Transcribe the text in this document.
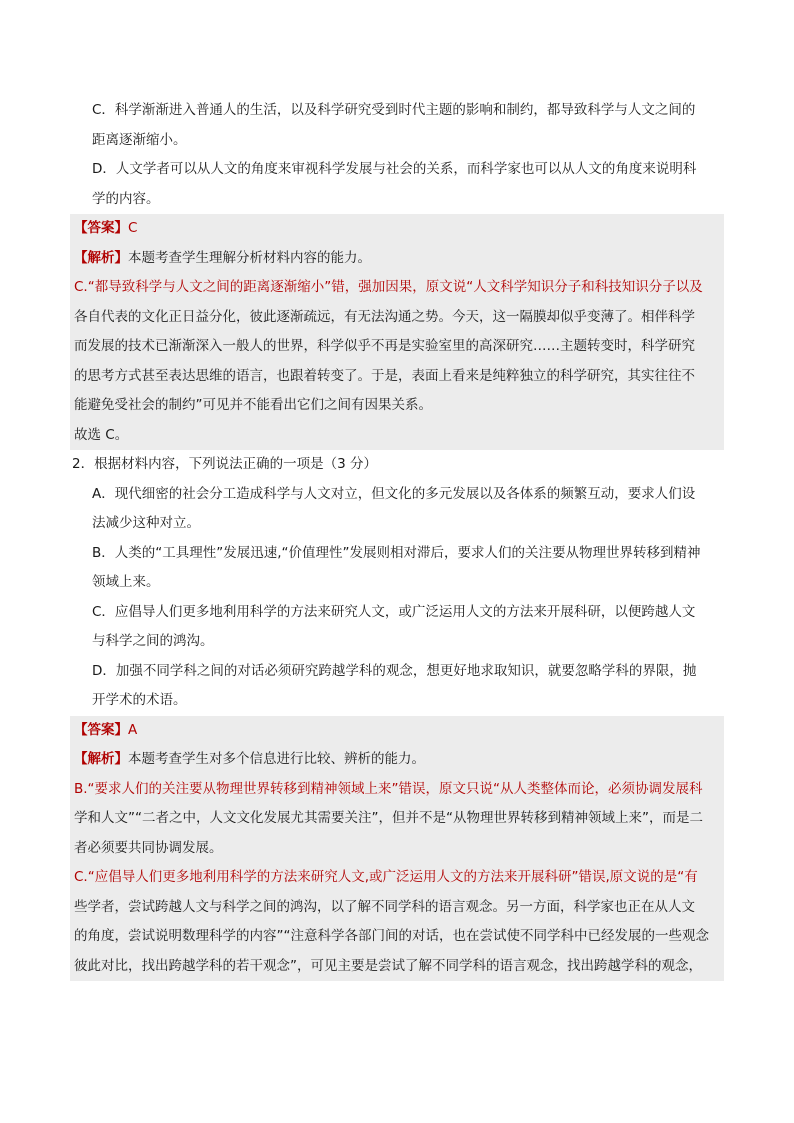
C．科学渐渐进入普通人的生活，以及科学研究受到时代主题的影响和制约，都导致科学与人文之间的
距离逐渐缩小。
D．人文学者可以从人文的角度来审视科学发展与社会的关系，而科学家也可以从人文的角度来说明科
学的内容。
【答案】C
【解析】本题考查学生理解分析材料内容的能力。
C.“都导致科学与人文之间的距离逐渐缩小”错，强加因果，原文说“人文科学知识分子和科技知识分子以及
各自代表的文化正日益分化，彼此逐渐疏远，有无法沟通之势。今天，这一隔膜却似乎变薄了。相伴科学
而发展的技术已渐渐深入一般人的世界，科学似乎不再是实验室里的高深研究……主题转变时，科学研究
的思考方式甚至表达思维的语言，也跟着转变了。于是，表面上看来是纯粹独立的科学研究，其实往往不
能避免受社会的制约”可见并不能看出它们之间有因果关系。
故选 C。
2．根据材料内容，下列说法正确的一项是（3 分）
A．现代细密的社会分工造成科学与人文对立，但文化的多元发展以及各体系的频繁互动，要求人们设
法减少这种对立。
B．人类的“工具理性”发展迅速,“价值理性”发展则相对滞后，要求人们的关注要从物理世界转移到精神
领域上来。
C．应倡导人们更多地利用科学的方法来研究人文，或广泛运用人文的方法来开展科研，以便跨越人文
与科学之间的鸿沟。
D．加强不同学科之间的对话必须研究跨越学科的观念，想更好地求取知识，就要忽略学科的界限，抛
开学术的术语。
【答案】A
【解析】本题考查学生对多个信息进行比较、辨析的能力。
B.“要求人们的关注要从物理世界转移到精神领域上来”错误，原文只说“从人类整体而论，必须协调发展科
学和人文”“二者之中，人文文化发展尤其需要关注”，但并不是“从物理世界转移到精神领域上来”，而是二
者必须要共同协调发展。
C.“应倡导人们更多地利用科学的方法来研究人文,或广泛运用人文的方法来开展科研”错误,原文说的是“有
些学者，尝试跨越人文与科学之间的鸿沟，以了解不同学科的语言观念。另一方面，科学家也正在从人文
的角度，尝试说明数理科学的内容”“注意科学各部门间的对话，也在尝试使不同学科中已经发展的一些观念
彼此对比，找出跨越学科的若干观念”，可见主要是尝试了解不同学科的语言观念，找出跨越学科的观念，
